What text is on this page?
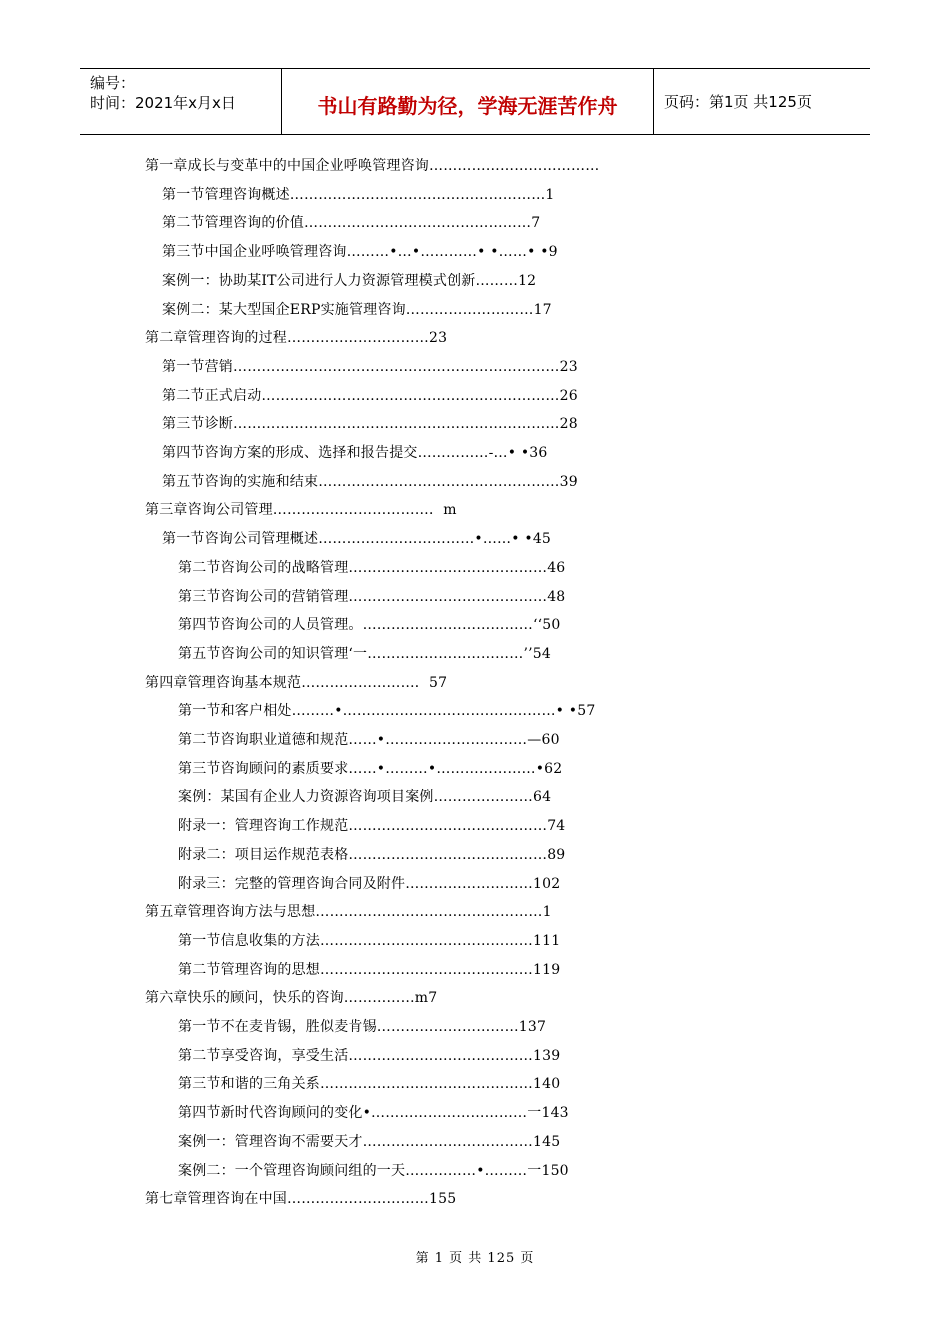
编号：
时间：2021年x月x日	书山有路勤为径，学海无涯苦作舟	页码：第1页 共125页
第一章成长与变革中的中国企业呼唤管理咨询………………………………
第一节管理咨询概述………………………………………………1
第二节管理咨询的价值…………………………………………7
第三节中国企业呼唤管理咨询………•…•…………• •……• •9
案例一：协助某IT公司进行人力资源管理模式创新………12
案例二：某大型国企ERP实施管理咨询………………………17
第二章管理咨询的过程…………………………23
第一节营销……………………………………………………………23
第二节正式启动………………………………………………………26
第三节诊断……………………………………………………………28
第四节咨询方案的形成、选择和报告提交……………-…• •36
第五节咨询的实施和结束……………………………………………39
第三章咨询公司管理……………………………．m
第一节咨询公司管理概述……………………………•……• •45
第二节咨询公司的战略管理……………………………………46
第三节咨询公司的营销管理……………………………………48
第四节咨询公司的人员管理。………………………………‘‘50
第五节咨询公司的知识管理‘一……………………………’’54
第四章管理咨询基本规范……………………．57
第一节和客户相处………•………………………………………• •57
第二节咨询职业道德和规范……•…………………………—60
第三节咨询顾问的素质要求……•………•…………………•62
案例：某国有企业人力资源咨询项目案例…………………64
附录一：管理咨询工作规范……………………………………74
附录二：项目运作规范表格……………………………………89
附录三：完整的管理咨询合同及附件………………………102
第五章管理咨询方法与思想…………………………………………1
第一节信息收集的方法………………………………………111
第二节管理咨询的思想………………………………………119
第六章快乐的顾问，快乐的咨询……………m7
第一节不在麦肯锡，胜似麦肯锡…………………………137
第二节享受咨询，享受生活…………………………………139
第三节和谐的三角关系………………………………………140
第四节新时代咨询顾问的变化•……………………………一143
案例一：管理咨询不需要天才………………………………145
案例二：一个管理咨询顾问组的一天……………•………一150
第七章管理咨询在中国…………………………155
第 1 页 共 125 页
